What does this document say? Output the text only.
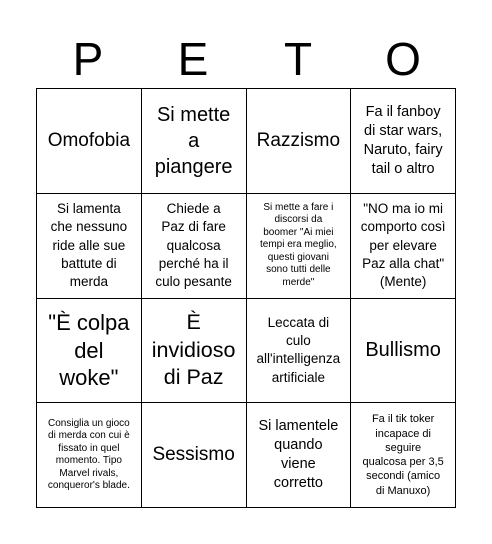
P	E	T	O
Omofobia
Si mette
a
piangere
Razzismo
Fa il fanboy
di star wars,
Naruto, fairy
tail o altro
Si lamenta
che nessuno
ride alle sue
battute di
merda
Chiede a
Paz di fare
qualcosa
perché ha il
culo pesante
Si mette a fare i
discorsi da
boomer "Ai miei
tempi era meglio,
questi giovani
sono tutti delle
merde"
"NO ma io mi
comporto così
per elevare
Paz alla chat"
(Mente)
"È colpa
del
woke"
È
invidioso
di Paz
Leccata di
culo
all'intelligenza
artificiale
Bullismo
Consiglia un gioco
di merda con cui è
fissato in quel
momento. Tipo
Marvel rivals,
conqueror's blade.
Sessismo
Si lamentele
quando
viene
corretto
Fa il tik toker
incapace di
seguire
qualcosa per 3,5
secondi (amico
di Manuxo)
